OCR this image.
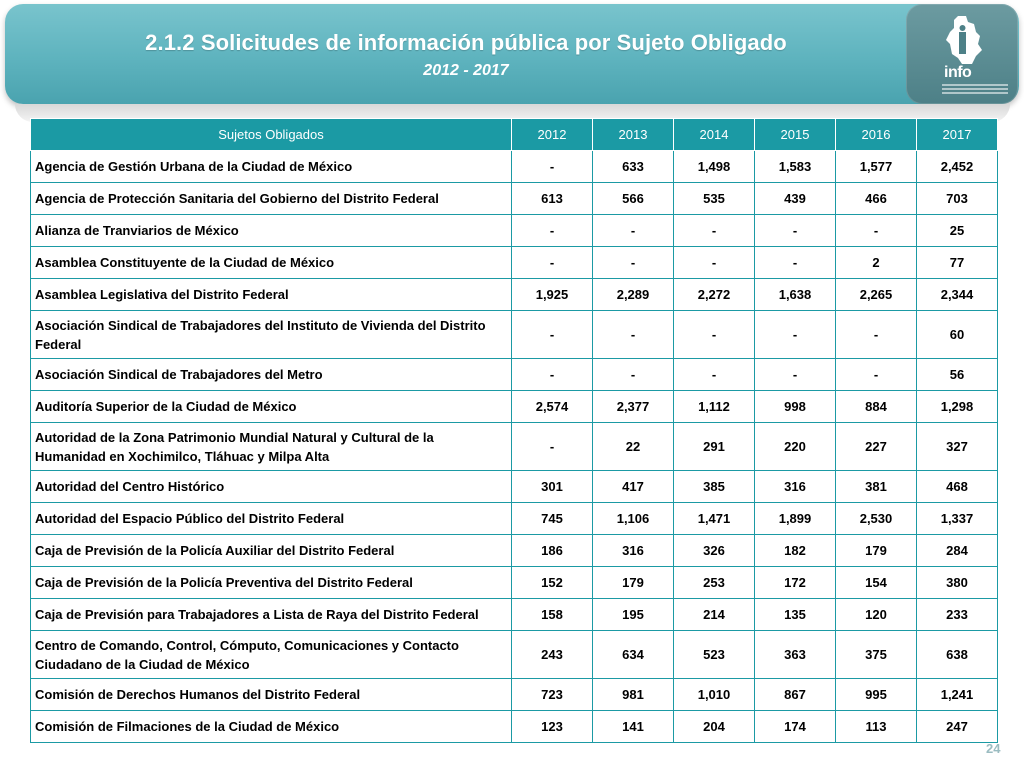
2.1.2 Solicitudes de información pública por Sujeto Obligado
2012 - 2017	info
Sujetos Obligados	2012	2013	2014	2015	2016	2017
Agencia de Gestión Urbana de la Ciudad de México	-	633	1,498	1,583	1,577	2,452
Agencia de Protección Sanitaria del Gobierno del Distrito Federal	613	566	535	439	466	703
Alianza de Tranviarios de México	-	-	-	-	-	25
Asamblea Constituyente de la Ciudad de México	-	-	-	-	2	77
Asamblea Legislativa del Distrito Federal	1,925	2,289	2,272	1,638	2,265	2,344
Asociación Sindical de Trabajadores del Instituto de Vivienda del Distrito Federal	-	-	-	-	-	60
Asociación Sindical de Trabajadores del Metro	-	-	-	-	-	56
Auditoría Superior de la Ciudad de México	2,574	2,377	1,112	998	884	1,298
Autoridad de la Zona Patrimonio Mundial Natural y Cultural de la Humanidad en Xochimilco, Tláhuac y Milpa Alta	-	22	291	220	227	327
Autoridad del Centro Histórico	301	417	385	316	381	468
Autoridad del Espacio Público del Distrito Federal	745	1,106	1,471	1,899	2,530	1,337
Caja de Previsión de la Policía Auxiliar del Distrito Federal	186	316	326	182	179	284
Caja de Previsión de la Policía Preventiva del Distrito Federal	152	179	253	172	154	380
Caja de Previsión para Trabajadores a Lista de Raya del Distrito Federal	158	195	214	135	120	233
Centro de Comando, Control, Cómputo, Comunicaciones y Contacto Ciudadano de la Ciudad de México	243	634	523	363	375	638
Comisión de Derechos Humanos del Distrito Federal	723	981	1,010	867	995	1,241
Comisión de Filmaciones de la Ciudad de México	123	141	204	174	113	247
24
